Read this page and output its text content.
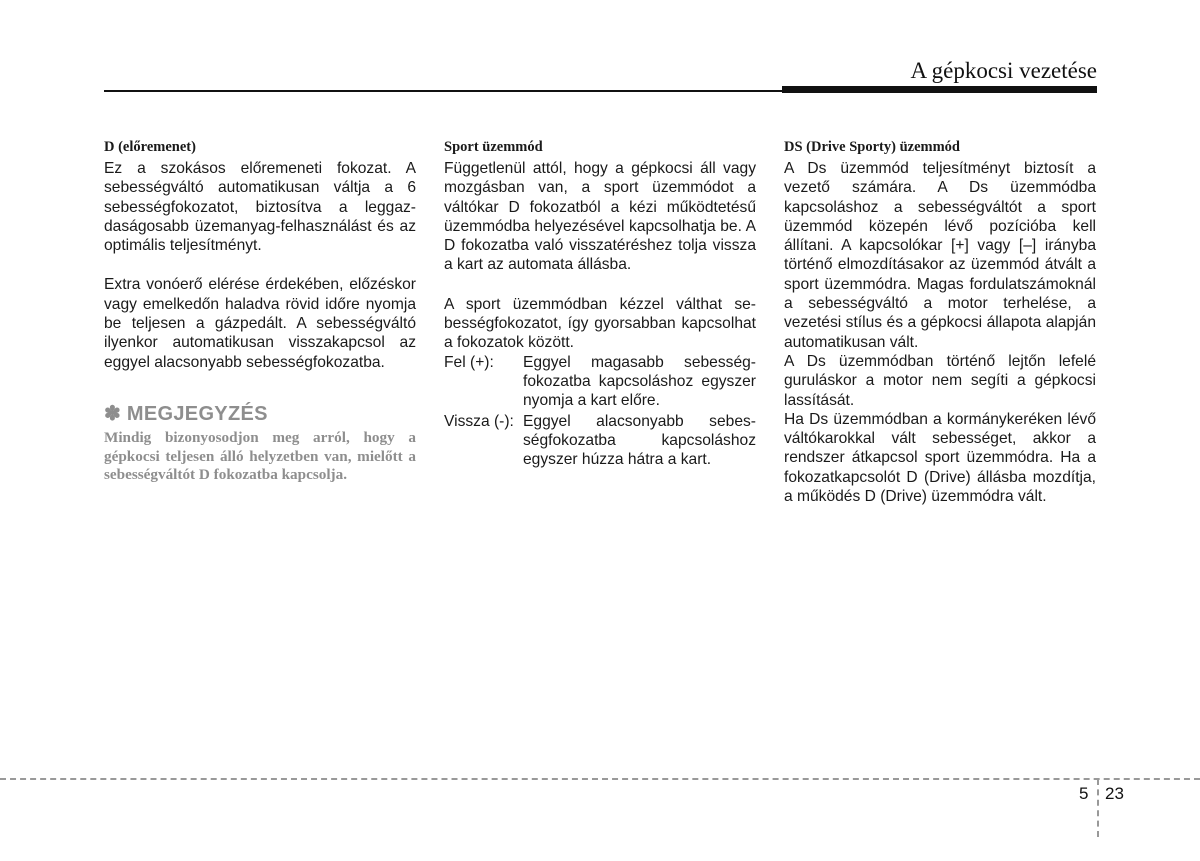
A gépkocsi vezetése
D (előremenet)

Ez a szokásos előremeneti fokozat. A sebességváltó automatikusan váltja a 6 sebességfokozatot, biztosítva a leggazdaságosabb üzemanyag-felhasználást és az optimális teljesítményt.

Extra vonóerő elérése érdekében, előzéskor vagy emelkedőn haladva rövid időre nyomja be teljesen a gázpedált. A sebességváltó ilyenkor automatikusan visszakapcsol az eggyel alacsonyabb sebességfokozatba.

✽ MEGJEGYZÉS
Mindig bizonyosodjon meg arról, hogy a gépkocsi teljesen álló helyzetben van, mielőtt a sebességváltót D fokozatba kapcsolja.
Sport üzemmód

Függetlenül attól, hogy a gépkocsi áll vagy mozgásban van, a sport üzemmódot a váltókar D fokozatból a kézi működtetésű üzemmódba helyezésével kapcsolhatja be. A D fokozatba való visszatéréshez tolja vissza a kart az automata állásba.

A sport üzemmódban kézzel válthat sebességfokozatot, így gyorsabban kapcsolhat a fokozatok között.

Fel (+):	Eggyel magasabb sebességfokozatba kapcsoláshoz egyszer nyomja a kart előre.
Vissza (-): Eggyel alacsonyabb sebességfokozatba kapcsoláshoz egyszer húzza hátra a kart.
DS (Drive Sporty) üzemmód

A Ds üzemmód teljesítményt biztosít a vezető számára. A Ds üzemmódba kapcsoláshoz a sebességváltót a sport üzemmód közepén lévő pozícióba kell állítani. A kapcsolókar [+] vagy [–] irányba történő elmozdításakor az üzemmód átvált a sport üzemmódra. Magas fordulatszámoknál a sebességváltó a motor terhelése, a vezetési stílus és a gépkocsi állapota alapján automatikusan vált.

A Ds üzemmódban történő lejtőn lefelé guruláskor a motor nem segíti a gépkocsi lassítását.

Ha Ds üzemmódban a kormánykeréken lévő váltókarokkal vált sebességet, akkor a rendszer átkapcsol sport üzemmódra. Ha a fokozatkapcsolót D (Drive) állásba mozdítja, a működés D (Drive) üzemmódra vált.

5 23
